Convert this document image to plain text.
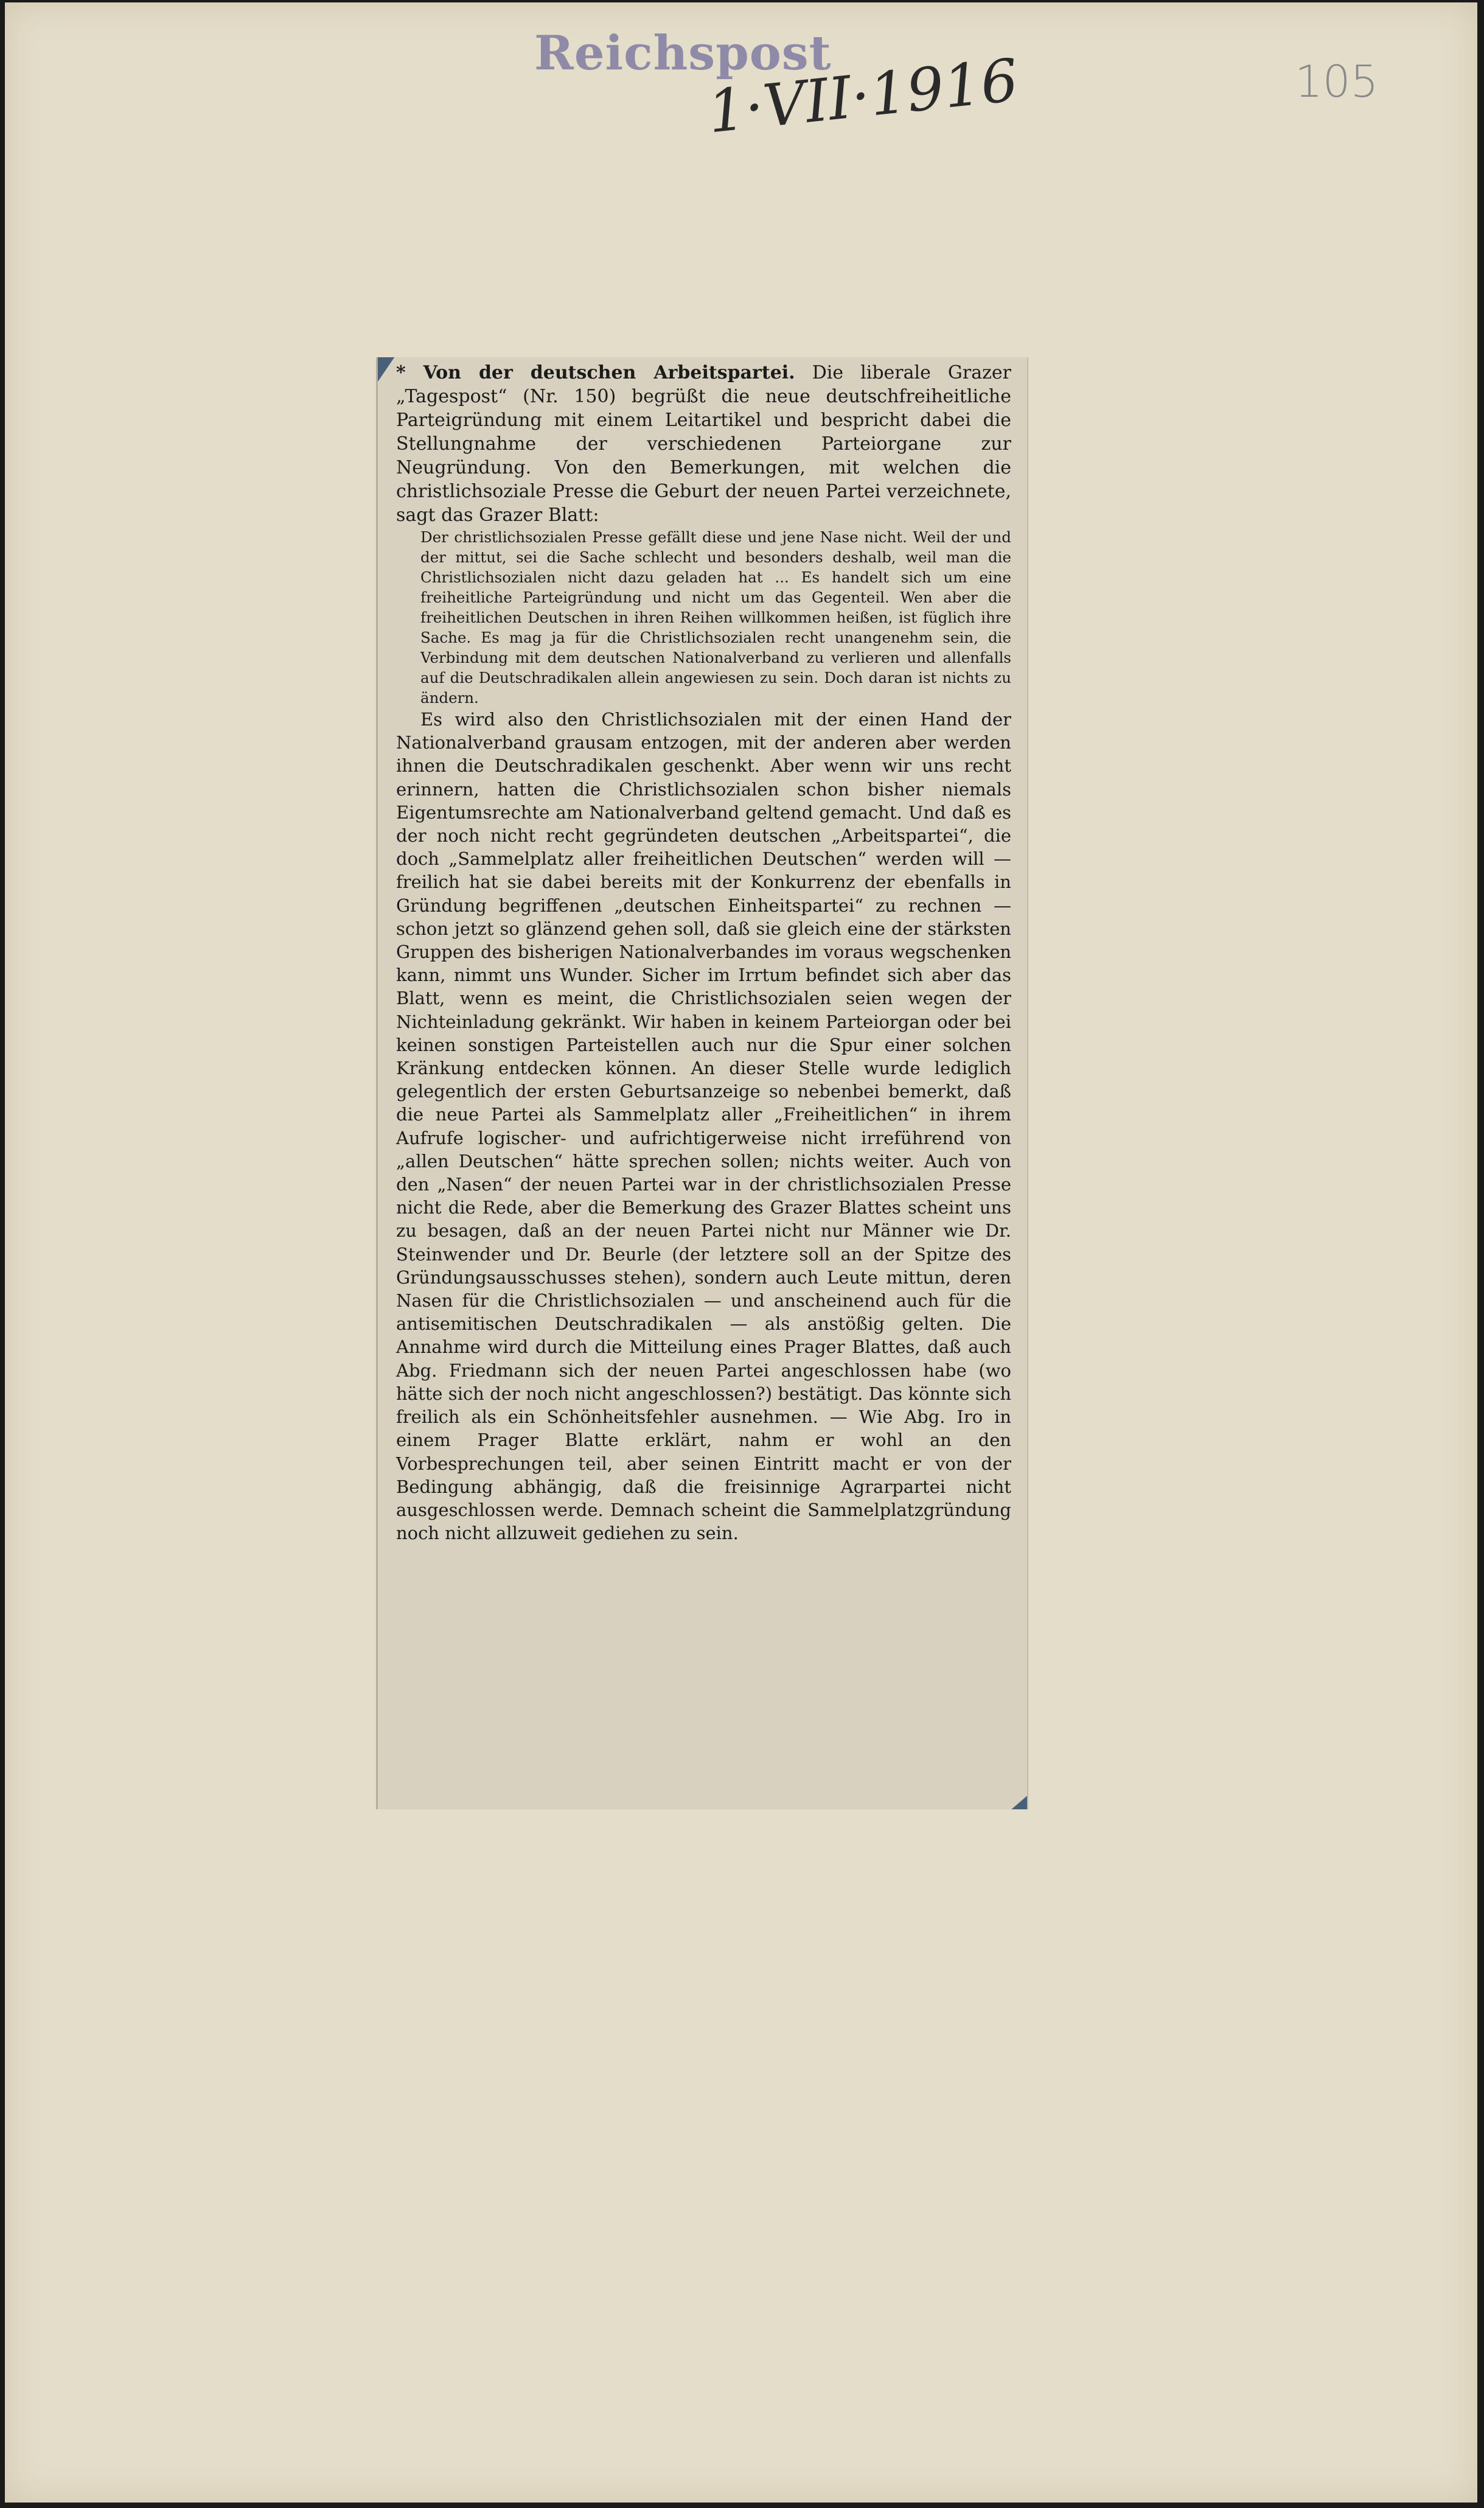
Reichspost
1·VII·1916	105

* Von der deutschen Arbeitspartei. Die liberale Grazer „Tagespost“ (Nr. 150) begrüßt die neue deutschfreiheitliche Parteigründung mit einem Leitartikel und bespricht dabei die Stellungnahme der verschiedenen Parteiorgane zur Neugründung. Von den Bemerkungen, mit welchen die christlichsoziale Presse die Geburt der neuen Partei verzeichnete, sagt das Grazer Blatt:

Der christlichsozialen Presse gefällt diese und jene Nase nicht. Weil der und der mittut, sei die Sache schlecht und besonders deshalb, weil man die Christlichsozialen nicht dazu geladen hat ... Es handelt sich um eine freiheitliche Parteigründung und nicht um das Gegenteil. Wen aber die freiheitlichen Deutschen in ihren Reihen willkommen heißen, ist füglich ihre Sache. Es mag ja für die Christlichsozialen recht unangenehm sein, die Verbindung mit dem deutschen Nationalverband zu verlieren und allenfalls auf die Deutschradikalen allein angewiesen zu sein. Doch daran ist nichts zu ändern.

Es wird also den Christlichsozialen mit der einen Hand der Nationalverband grausam entzogen, mit der anderen aber werden ihnen die Deutschradikalen geschenkt. Aber wenn wir uns recht erinnern, hatten die Christlichsozialen schon bisher niemals Eigentumsrechte am Nationalverband geltend gemacht. Und daß es der noch nicht recht gegründeten deutschen „Arbeitspartei“, die doch „Sammelplatz aller freiheitlichen Deutschen“ werden will — freilich hat sie dabei bereits mit der Konkurrenz der ebenfalls in Gründung begriffenen „deutschen Einheitspartei“ zu rechnen — schon jetzt so glänzend gehen soll, daß sie gleich eine der stärksten Gruppen des bisherigen Nationalverbandes im voraus wegschenken kann, nimmt uns Wunder. Sicher im Irrtum befindet sich aber das Blatt, wenn es meint, die Christlichsozialen seien wegen der Nichteinladung gekränkt. Wir haben in keinem Parteiorgan oder bei keinen sonstigen Parteistellen auch nur die Spur einer solchen Kränkung entdecken können. An dieser Stelle wurde lediglich gelegentlich der ersten Geburtsanzeige so nebenbei bemerkt, daß die neue Partei als Sammelplatz aller „Freiheitlichen“ in ihrem Aufrufe logischer- und aufrichtigerweise nicht irreführend von „allen Deutschen“ hätte sprechen sollen; nichts weiter. Auch von den „Nasen“ der neuen Partei war in der christlichsozialen Presse nicht die Rede, aber die Bemerkung des Grazer Blattes scheint uns zu besagen, daß an der neuen Partei nicht nur Männer wie Dr. Steinwender und Dr. Beurle (der letztere soll an der Spitze des Gründungsausschusses stehen), sondern auch Leute mittun, deren Nasen für die Christlichsozialen — und anscheinend auch für die antisemitischen Deutschradikalen — als anstößig gelten. Die Annahme wird durch die Mitteilung eines Prager Blattes, daß auch Abg. Friedmann sich der neuen Partei angeschlossen habe (wo hätte sich der noch nicht angeschlossen?) bestätigt. Das könnte sich freilich als ein Schönheitsfehler ausnehmen. — Wie Abg. Iro in einem Prager Blatte erklärt, nahm er wohl an den Vorbesprechungen teil, aber seinen Eintritt macht er von der Bedingung abhängig, daß die freisinnige Agrarpartei nicht ausgeschlossen werde. Demnach scheint die Sammelplatzgründung noch nicht allzuweit gediehen zu sein.
